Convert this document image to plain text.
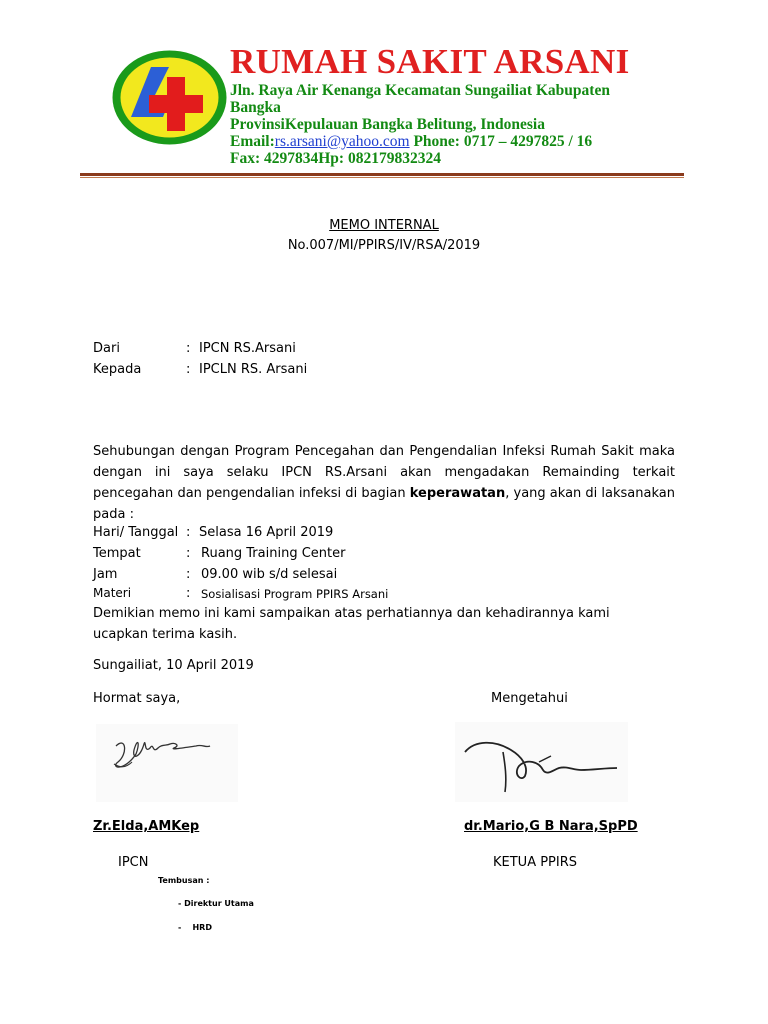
RUMAH SAKIT ARSANI
Jln. Raya Air Kenanga Kecamatan Sungailiat Kabupaten
Bangka
ProvinsiKepulauan Bangka Belitung, Indonesia
Email:rs.arsani@yahoo.com Phone: 0717 – 4297825 / 16
Fax: 4297834Hp: 082179832324
MEMO INTERNAL
No.007/MI/PPIRS/IV/RSA/2019
Dari	: IPCN RS.Arsani
Kepada	: IPCLN RS. Arsani
Sehubungan dengan Program Pencegahan dan Pengendalian Infeksi Rumah Sakit maka dengan ini saya selaku IPCN RS.Arsani akan mengadakan Remainding terkait pencegahan dan pengendalian infeksi di bagian keperawatan, yang akan di laksanakan pada :
Hari/ Tanggal : Selasa 16 April 2019
Tempat	: Ruang Training Center
Jam	: 09.00 wib s/d selesai
Materi	: Sosialisasi Program PPIRS Arsani
Demikian memo ini kami sampaikan atas perhatiannya dan kehadirannya kami ucapkan terima kasih.
Sungailiat, 10 April 2019
Hormat saya,	Mengetahui
Zr.Elda,AMKep	dr.Mario,G B Nara,SpPD
IPCN	KETUA PPIRS
Tembusan :
- Direktur Utama
-    HRD
